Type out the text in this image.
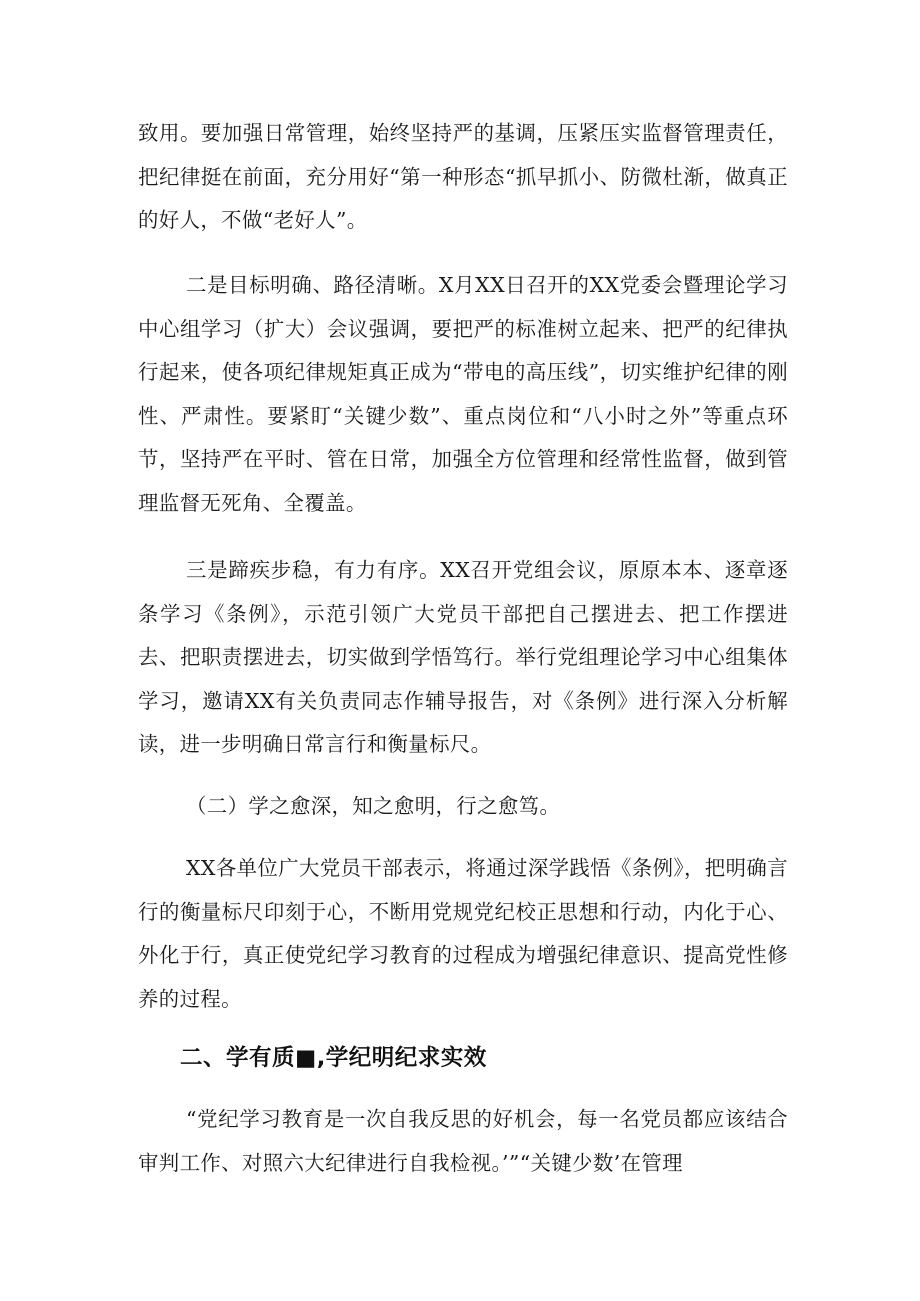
致用。要加强日常管理，始终坚持严的基调，压紧压实监督管理责任，把纪律挺在前面，充分用好“第一种形态“抓早抓小、防微杜渐，做真正的好人，不做“老好人”。

二是目标明确、路径清晰。X月XX日召开的XX党委会暨理论学习中心组学习（扩大）会议强调，要把严的标准树立起来、把严的纪律执行起来，使各项纪律规矩真正成为“带电的高压线”，切实维护纪律的刚性、严肃性。要紧盯“关键少数”、重点岗位和“八小时之外”等重点环节，坚持严在平时、管在日常，加强全方位管理和经常性监督，做到管理监督无死角、全覆盖。

三是蹄疾步稳，有力有序。XX召开党组会议，原原本本、逐章逐条学习《条例》，示范引领广大党员干部把自己摆进去、把工作摆进去、把职责摆进去，切实做到学悟笃行。举行党组理论学习中心组集体学习，邀请XX有关负责同志作辅导报告，对《条例》进行深入分析解读，进一步明确日常言行和衡量标尺。

（二）学之愈深，知之愈明，行之愈笃。

XX各单位广大党员干部表示，将通过深学践悟《条例》，把明确言行的衡量标尺印刻于心，不断用党规党纪校正思想和行动，内化于心、外化于行，真正使党纪学习教育的过程成为增强纪律意识、提高党性修养的过程。

二、学有质■,学纪明纪求实效

“党纪学习教育是一次自我反思的好机会，每一名党员都应该结合审判工作、对照六大纪律进行自我检视。’”“关键少数’在管理
